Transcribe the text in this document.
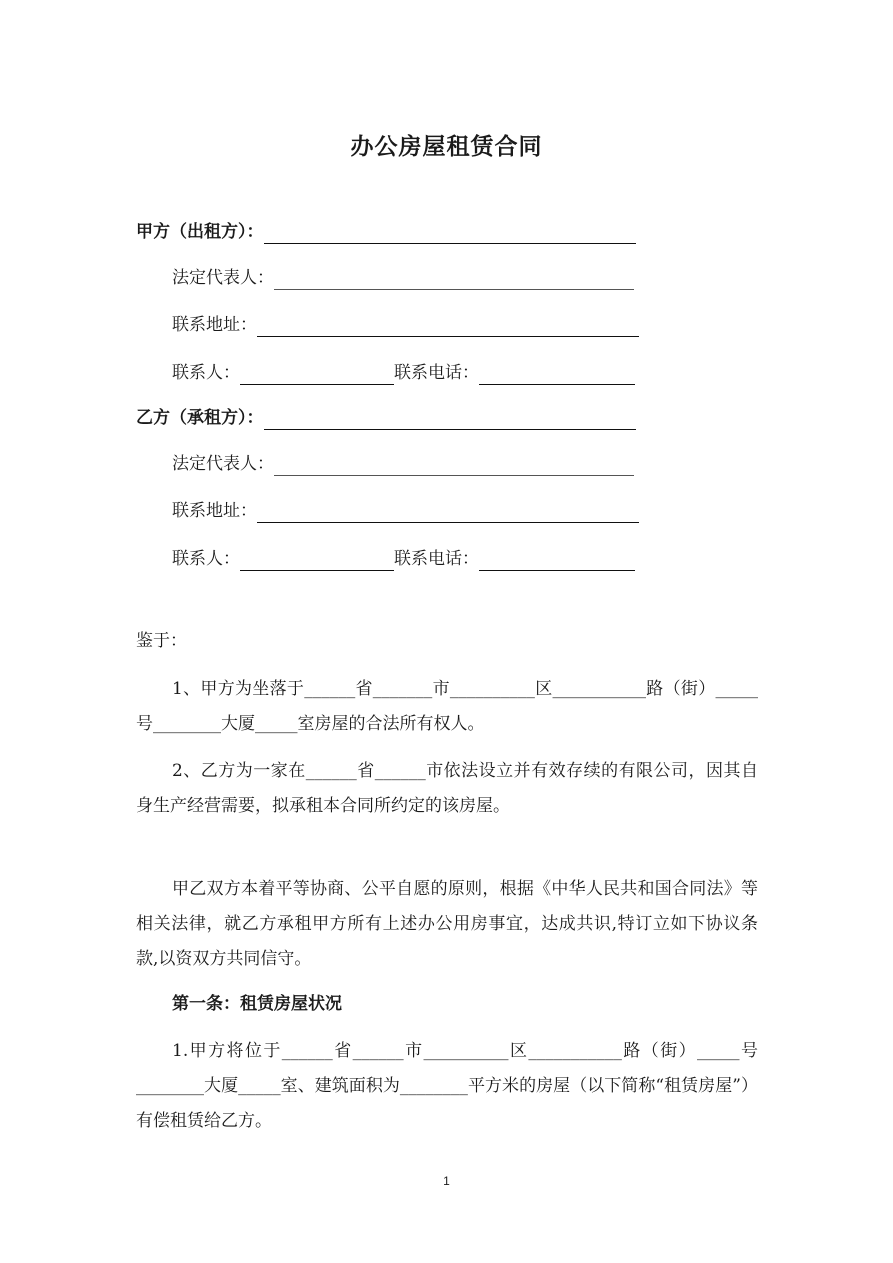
办公房屋租赁合同
甲方（出租方）：
法定代表人：
联系地址：
联系人：	联系电话：
乙方（承租方）：
法定代表人：
联系地址：
联系人：	联系电话：
鉴于：
1、甲方为坐落于______省_______市__________区___________路（街）_____号________大厦_____室房屋的合法所有权人。
2、乙方为一家在______省______市依法设立并有效存续的有限公司，因其自身生产经营需要，拟承租本合同所约定的该房屋。
甲乙双方本着平等协商、公平自愿的原则，根据《中华人民共和国合同法》等相关法律，就乙方承租甲方所有上述办公用房事宜，达成共识,特订立如下协议条款,以资双方共同信守。
第一条：租赁房屋状况
1.甲方将位于______省______市__________区___________路（街）_____号________大厦_____室、建筑面积为________平方米的房屋（以下简称“租赁房屋”）有偿租赁给乙方。
1
